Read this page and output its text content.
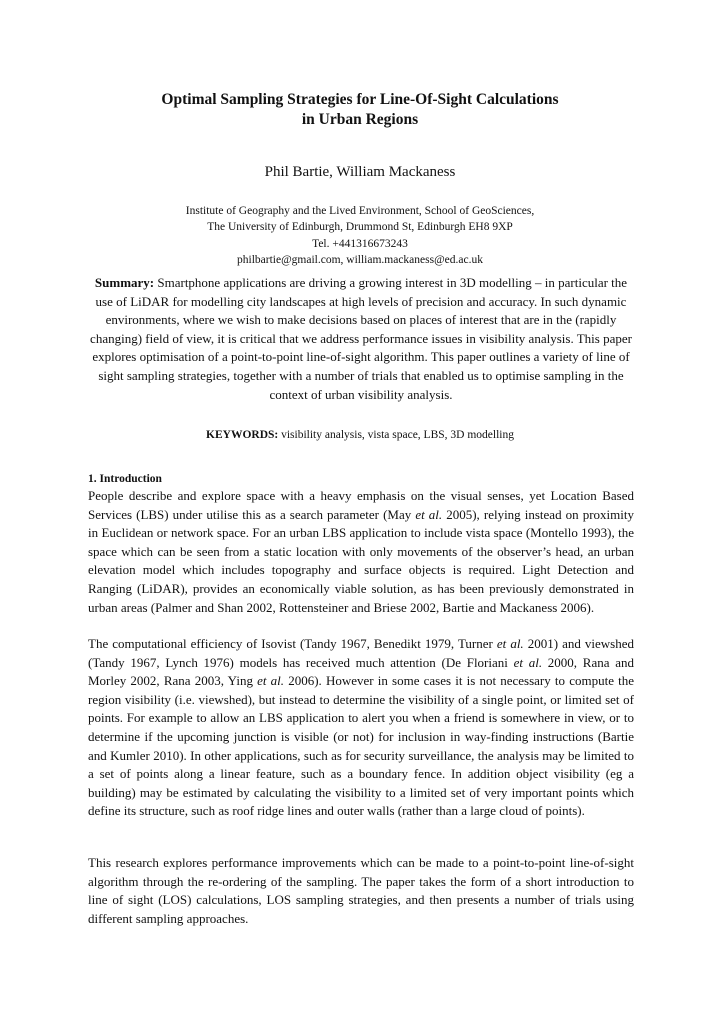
Optimal Sampling Strategies for Line-Of-Sight Calculations
in Urban Regions
Phil Bartie, William Mackaness
Institute of Geography and the Lived Environment, School of GeoSciences,
The University of Edinburgh, Drummond St, Edinburgh EH8 9XP
Tel. +441316673243
philbartie@gmail.com, william.mackaness@ed.ac.uk
Summary: Smartphone applications are driving a growing interest in 3D modelling – in particular the use of LiDAR for modelling city landscapes at high levels of precision and accuracy. In such dynamic environments, where we wish to make decisions based on places of interest that are in the (rapidly changing) field of view, it is critical that we address performance issues in visibility analysis. This paper explores optimisation of a point-to-point line-of-sight algorithm. This paper outlines a variety of line of sight sampling strategies, together with a number of trials that enabled us to optimise sampling in the context of urban visibility analysis.
KEYWORDS: visibility analysis, vista space, LBS, 3D modelling
1. Introduction
People describe and explore space with a heavy emphasis on the visual senses, yet Location Based Services (LBS) under utilise this as a search parameter (May et al. 2005), relying instead on proximity in Euclidean or network space. For an urban LBS application to include vista space (Montello 1993), the space which can be seen from a static location with only movements of the observer’s head, an urban elevation model which includes topography and surface objects is required. Light Detection and Ranging (LiDAR), provides an economically viable solution, as has been previously demonstrated in urban areas (Palmer and Shan 2002, Rottensteiner and Briese 2002, Bartie and Mackaness 2006).
The computational efficiency of Isovist (Tandy 1967, Benedikt 1979, Turner et al. 2001) and viewshed (Tandy 1967, Lynch 1976) models has received much attention (De Floriani et al. 2000, Rana and Morley 2002, Rana 2003, Ying et al. 2006). However in some cases it is not necessary to compute the region visibility (i.e. viewshed), but instead to determine the visibility of a single point, or limited set of points. For example to allow an LBS application to alert you when a friend is somewhere in view, or to determine if the upcoming junction is visible (or not) for inclusion in way-finding instructions (Bartie and Kumler 2010). In other applications, such as for security surveillance, the analysis may be limited to a set of points along a linear feature, such as a boundary fence. In addition object visibility (eg a building) may be estimated by calculating the visibility to a limited set of very important points which define its structure, such as roof ridge lines and outer walls (rather than a large cloud of points).
This research explores performance improvements which can be made to a point-to-point line-of-sight algorithm through the re-ordering of the sampling. The paper takes the form of a short introduction to line of sight (LOS) calculations, LOS sampling strategies, and then presents a number of trials using different sampling approaches.
